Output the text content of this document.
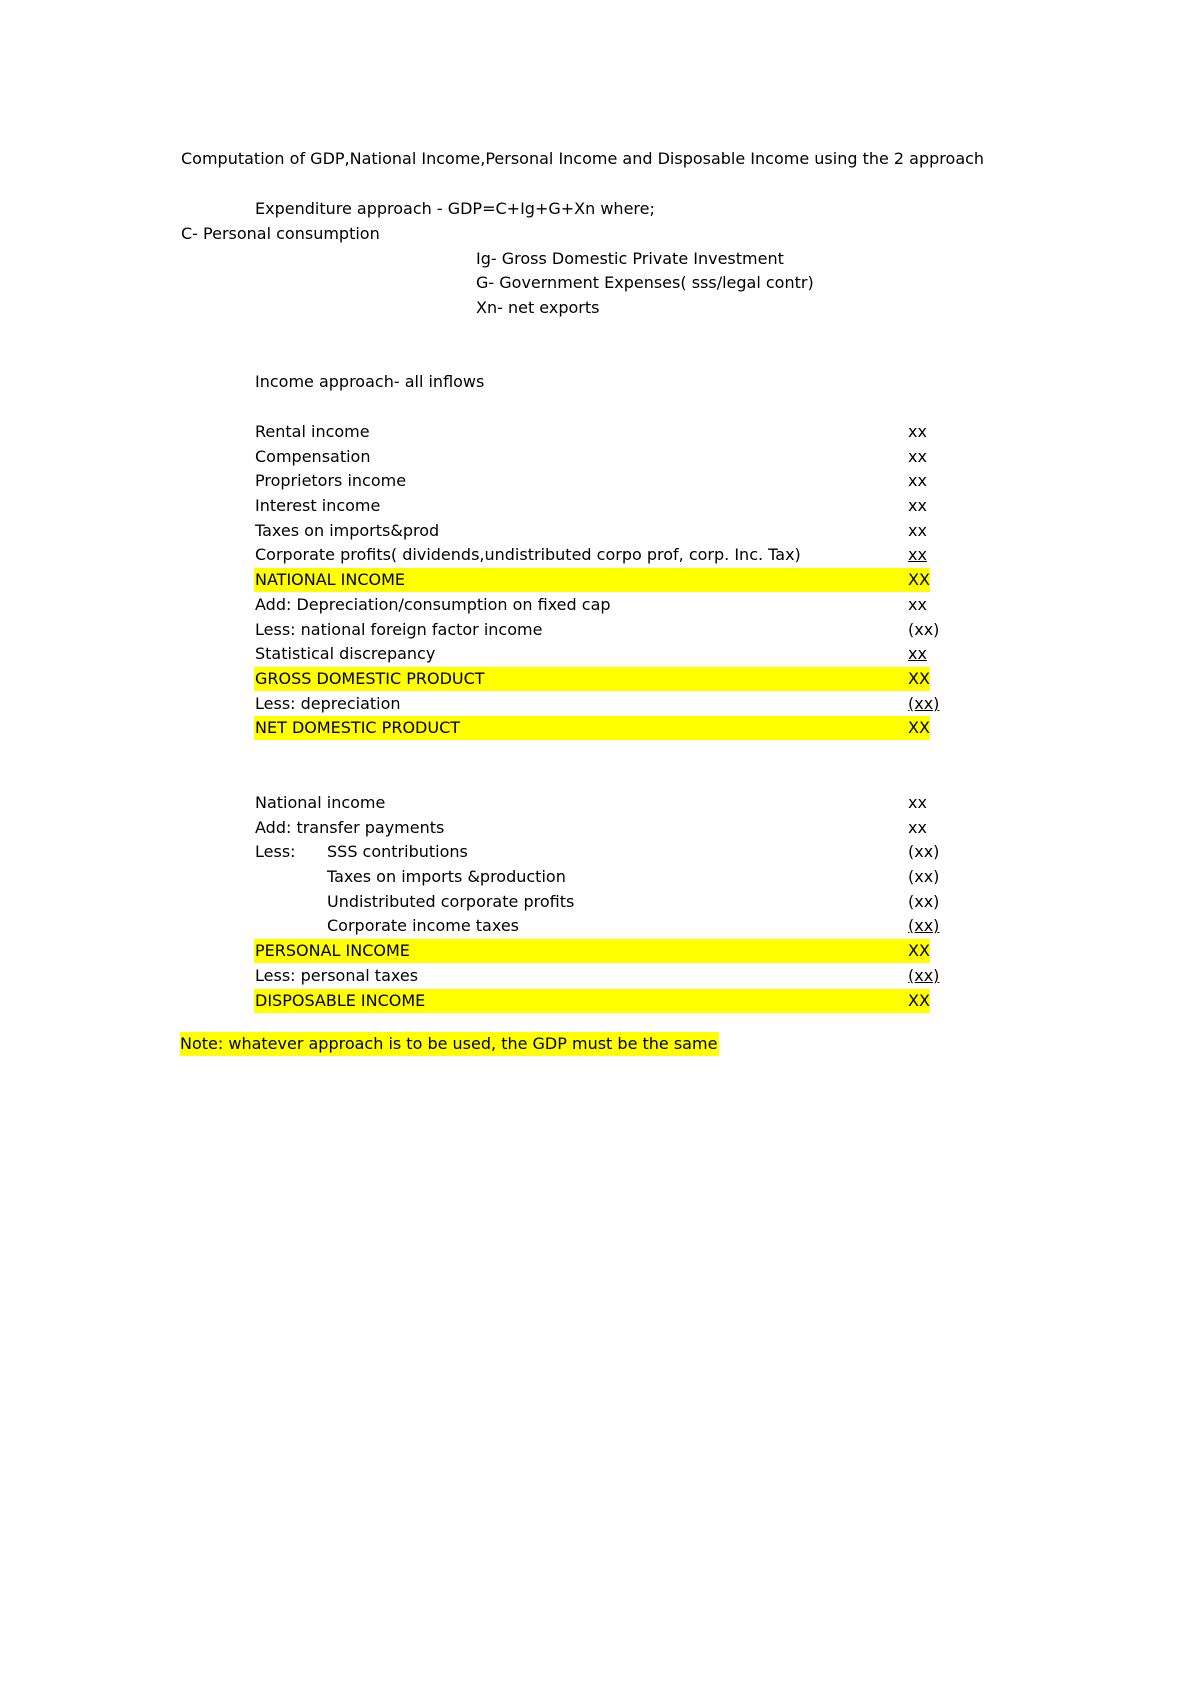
Computation of GDP,National Income,Personal Income and Disposable Income using the 2 approach
Expenditure approach - GDP=C+Ig+G+Xn where;
C- Personal consumption
Ig- Gross Domestic Private Investment
G- Government Expenses( sss/legal contr)
Xn- net exports
Income approach- all inflows
Rental income	xx
Compensation	xx
Proprietors income	xx
Interest income	xx
Taxes on imports&prod	xx
Corporate profits( dividends,undistributed corpo prof, corp. Inc. Tax)	xx
NATIONAL INCOME	XX
Add: Depreciation/consumption on fixed cap	xx
Less: national foreign factor income	(xx)
Statistical discrepancy	xx
GROSS DOMESTIC PRODUCT	XX
Less: depreciation	(xx)
NET DOMESTIC PRODUCT	XX
National income	xx
Add: transfer payments	xx
Less: SSS contributions	(xx)
Taxes on imports &production	(xx)
Undistributed corporate profits	(xx)
Corporate income taxes	(xx)
PERSONAL INCOME	XX
Less: personal taxes	(xx)
DISPOSABLE INCOME	XX
Note: whatever approach is to be used, the GDP must be the same
